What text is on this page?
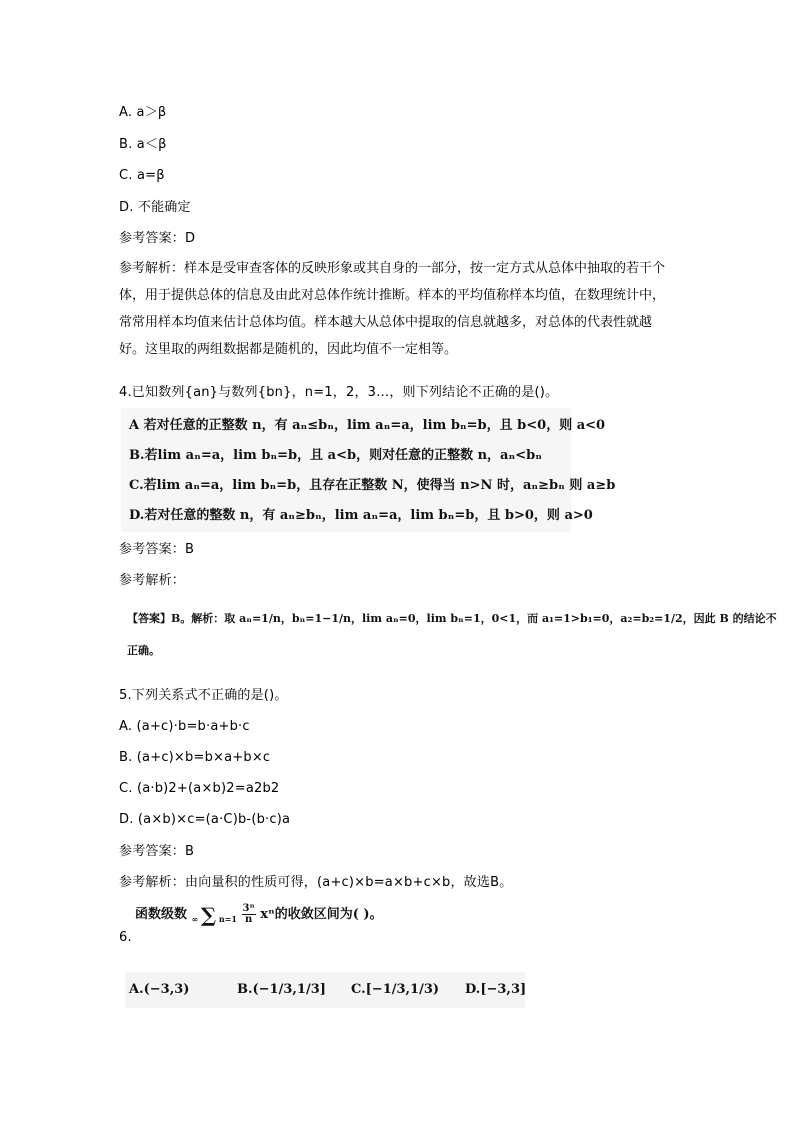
A. a＞β
B. a＜β
C. a=β
D. 不能确定
参考答案：D
参考解析：样本是受审查客体的反映形象或其自身的一部分，按一定方式从总体中抽取的若干个体，用于提供总体的信息及由此对总体作统计推断。样本的平均值称样本均值，在数理统计中，常常用样本均值来估计总体均值。样本越大从总体中提取的信息就越多，对总体的代表性就越好。这里取的两组数据都是随机的，因此均值不一定相等。
4.已知数列{an}与数列{bn}，n=1，2，3…，则下列结论不正确的是()。
A 若对任意的正整数 n，有 aₙ≤bₙ，lim aₙ=a，lim bₙ=b，且 b<0，则 a<0
B.若lim aₙ=a，lim bₙ=b，且 a<b，则对任意的正整数 n，aₙ<bₙ
C.若lim aₙ=a，lim bₙ=b，且存在正整数 N，使得当 n>N 时，aₙ≥bₙ 则 a≥b
D.若对任意的整数 n，有 aₙ≥bₙ，lim aₙ=a，lim bₙ=b，且 b>0，则 a>0
参考答案：B
参考解析：
【答案】B。解析：取 aₙ=1/n，bₙ=1−1/n，lim aₙ=0，lim bₙ=1，0<1，而 a₁=1>b₁=0，a₂=b₂=1/2，因此 B 的结论不
正确。
5.下列关系式不正确的是()。
A. (a+c)·b=b·a+b·c
B. (a+c)×b=b×a+b×c
C. (a·b)2+(a×b)2=a2b2
D. (a×b)×c=(a·C)b-(b·c)a
参考答案：B
参考解析：由向量积的性质可得，(a+c)×b=a×b+c×b，故选B。
函数级数 ∞ ∑ $n=1 \frac{\text{3ⁿ}}{n}$ xⁿ的收敛区间为( )。
6.
A.(−3,3)	B.(−1/3,1/3] C.[−1/3,1/3) D.[−3,3]
